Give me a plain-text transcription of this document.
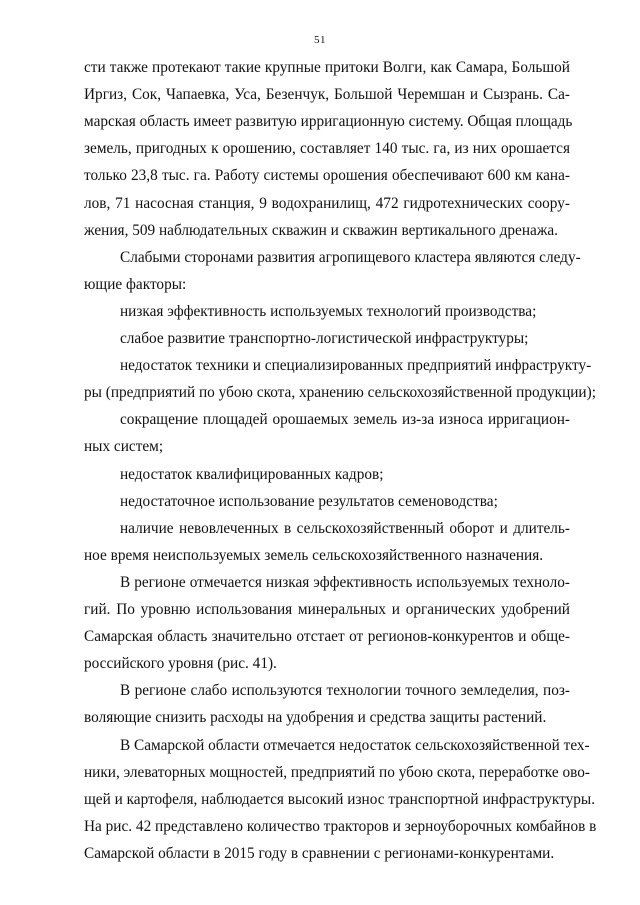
51
сти также протекают такие крупные притоки Волги, как Самара, Большой
Иргиз, Сок, Чапаевка, Уса, Безенчук, Большой Черемшан и Сызрань. Са-
марская область имеет развитую ирригационную систему. Общая площадь
земель, пригодных к орошению, составляет 140 тыс. га, из них орошается
только 23,8 тыс. га. Работу системы орошения обеспечивают 600 км кана-
лов, 71 насосная станция, 9 водохранилищ, 472 гидротехнических соору-
жения, 509 наблюдательных скважин и скважин вертикального дренажа.
Слабыми сторонами развития агропищевого кластера являются следу-
ющие факторы:
низкая эффективность используемых технологий производства;
слабое развитие транспортно-логистической инфраструктуры;
недостаток техники и специализированных предприятий инфраструкту-
ры (предприятий по убою скота, хранению сельскохозяйственной продукции);
сокращение площадей орошаемых земель из-за износа ирригацион-
ных систем;
недостаток квалифицированных кадров;
недостаточное использование результатов семеноводства;
наличие невовлеченных в сельскохозяйственный оборот и длитель-
ное время неиспользуемых земель сельскохозяйственного назначения.
В регионе отмечается низкая эффективность используемых техноло-
гий. По уровню использования минеральных и органических удобрений
Самарская область значительно отстает от регионов-конкурентов и обще-
российского уровня (рис. 41).
В регионе слабо используются технологии точного земледелия, поз-
воляющие снизить расходы на удобрения и средства защиты растений.
В Самарской области отмечается недостаток сельскохозяйственной тех-
ники, элеваторных мощностей, предприятий по убою скота, переработке ово-
щей и картофеля, наблюдается высокий износ транспортной инфраструктуры.
На рис. 42 представлено количество тракторов и зерноуборочных комбайнов в
Самарской области в 2015 году в сравнении с регионами-конкурентами.
